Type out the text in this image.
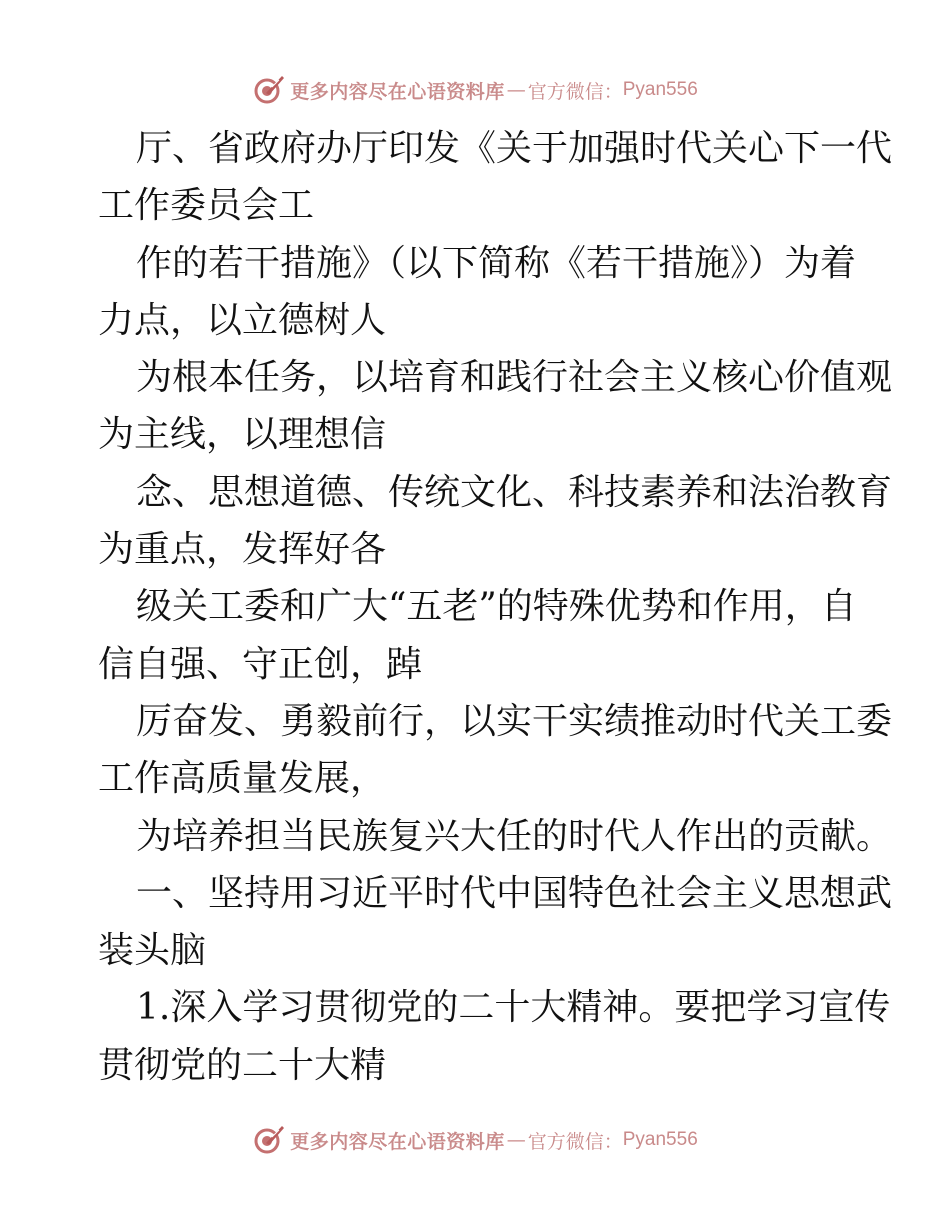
更多内容尽在心语资料库 — 官方微信： Pyan556
厅、省政府办厅印发《关于加强时代关心下一代
工作委员会工
作的若干措施》（以下简称《若干措施》）为着
力点，以立德树人
为根本任务，以培育和践行社会主义核心价值观
为主线，以理想信
念、思想道德、传统文化、科技素养和法治教育
为重点，发挥好各
级关工委和广大“五老”的特殊优势和作用，自
信自强、守正创，踔
厉奋发、勇毅前行，以实干实绩推动时代关工委
工作高质量发展，
为培养担当民族复兴大任的时代人作出的贡献。
一、坚持用习近平时代中国特色社会主义思想武
装头脑
1.深入学习贯彻党的二十大精神。要把学习宣传
贯彻党的二十大精
更多内容尽在心语资料库 — 官方微信： Pyan556
